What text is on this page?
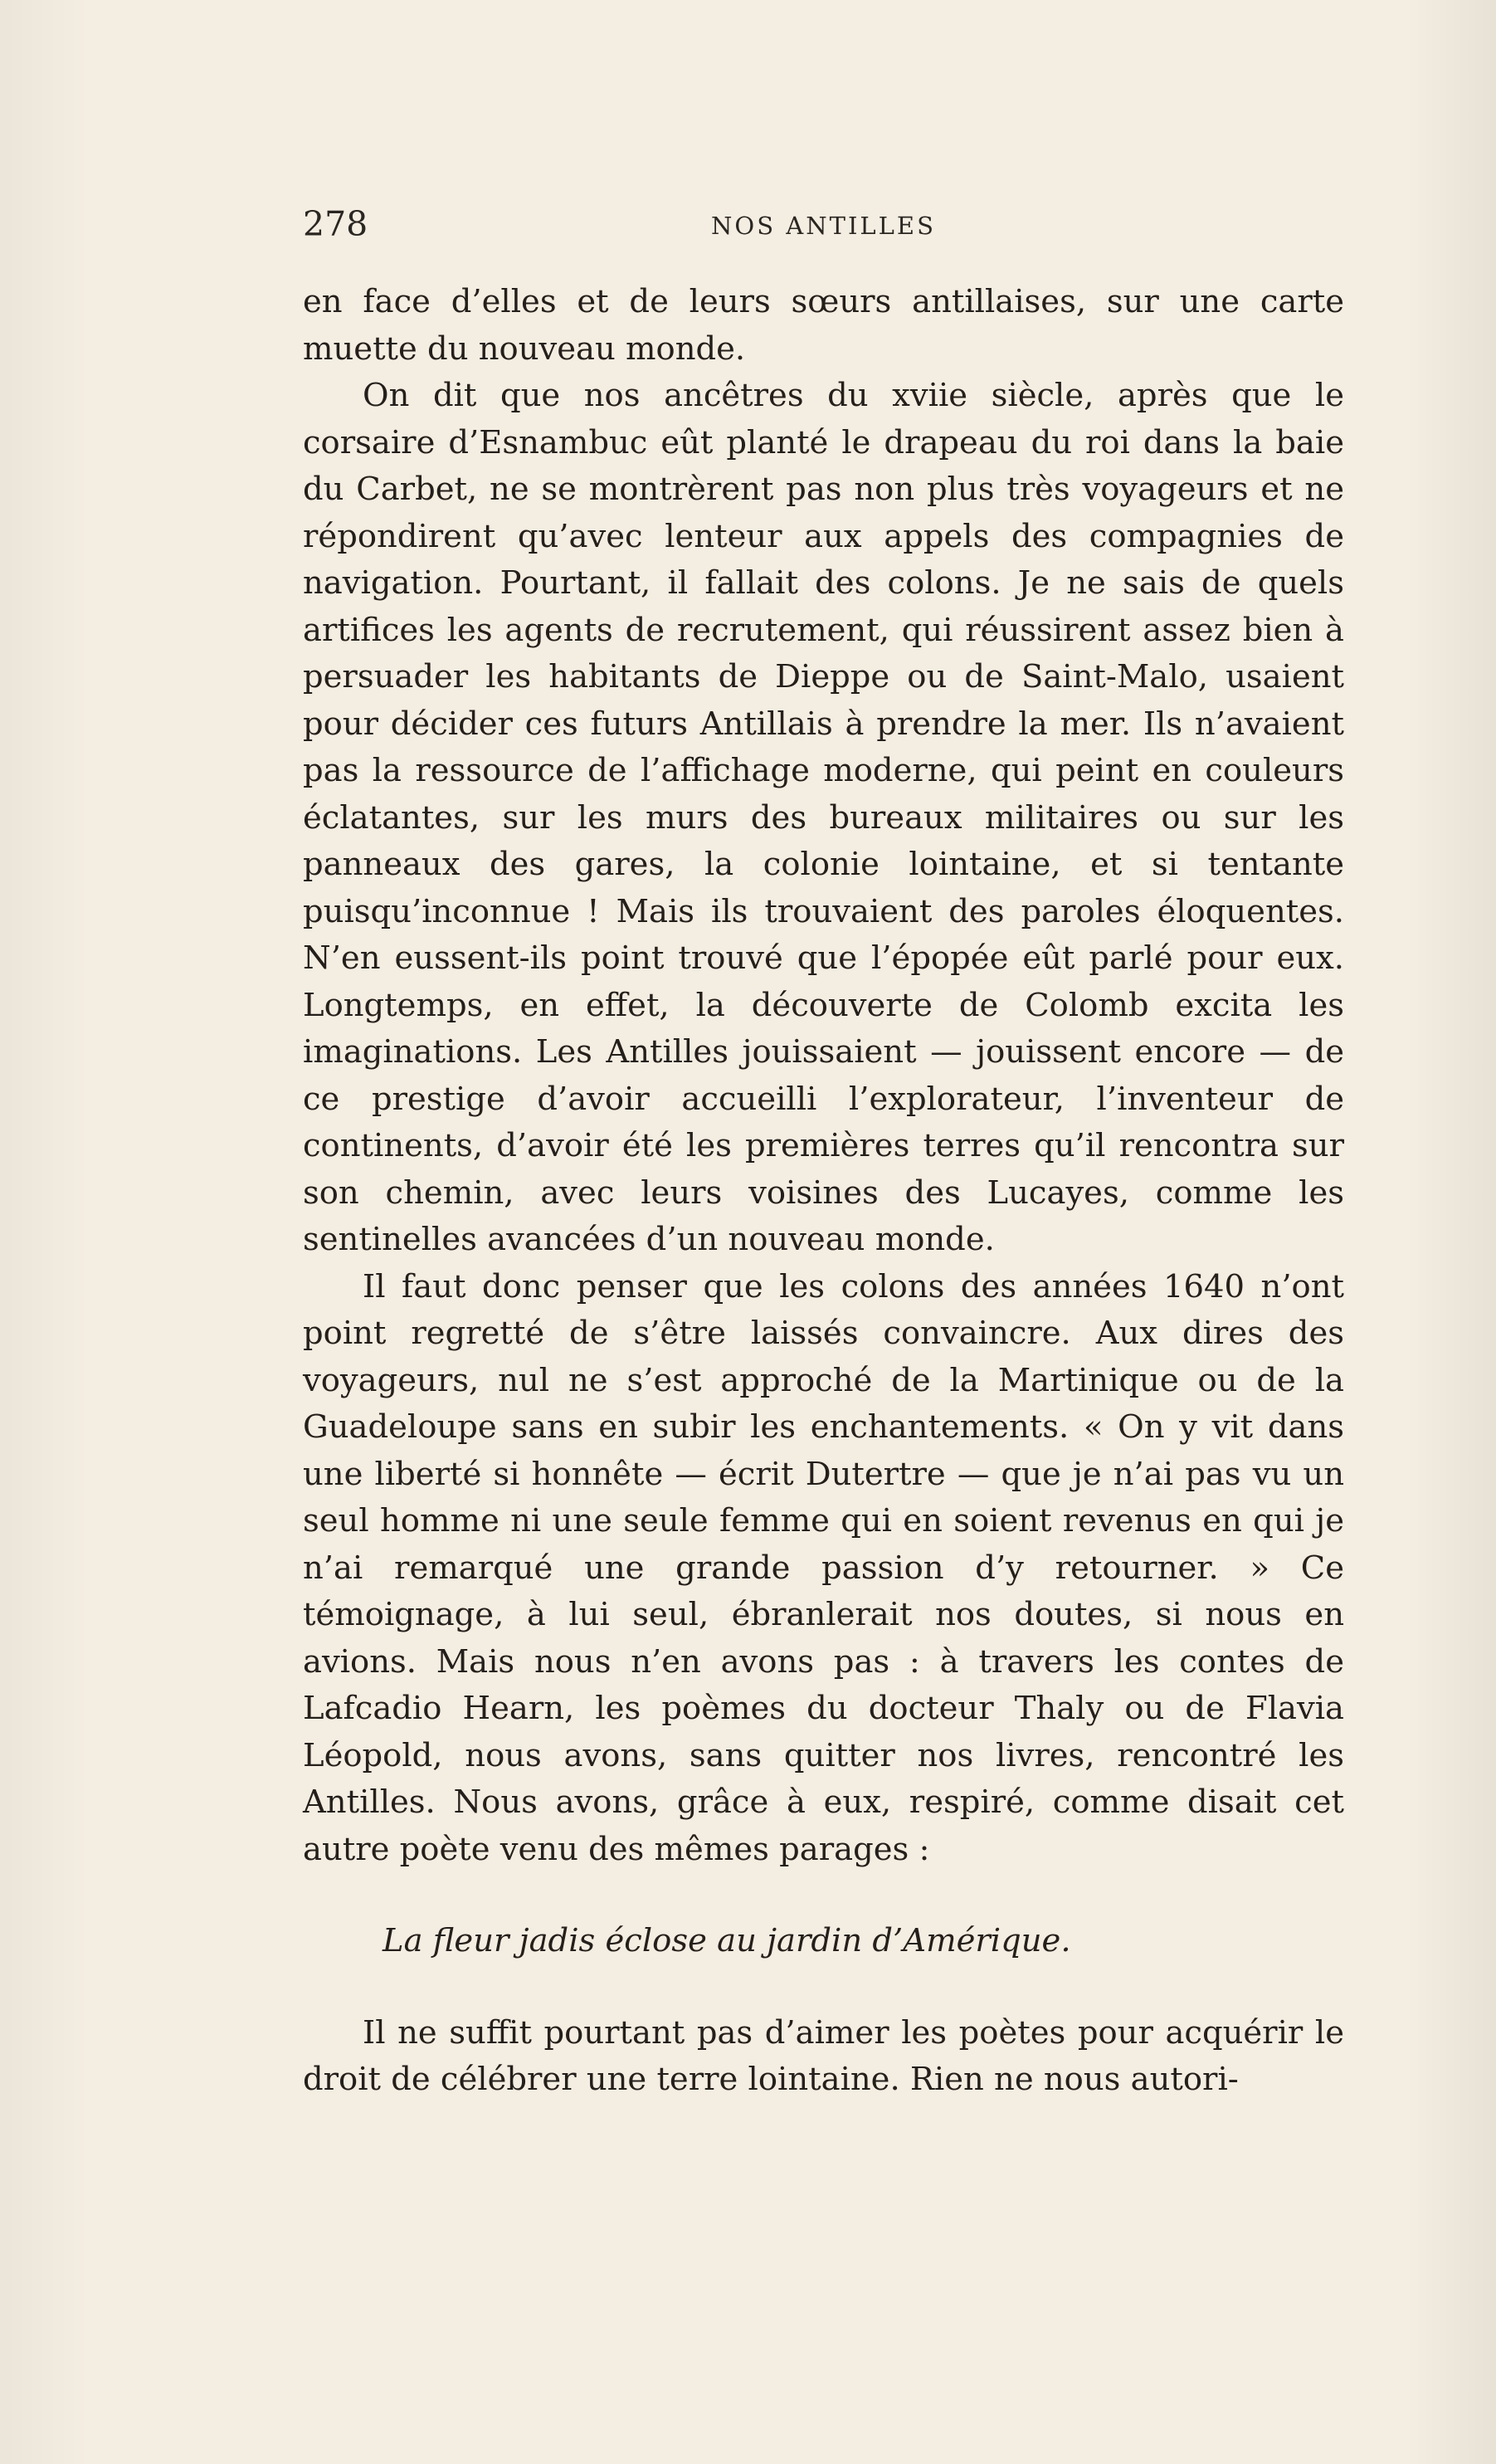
278	NOS ANTILLES

en face d’elles et de leurs sœurs antillaises, sur une carte muette du nouveau monde.

On dit que nos ancêtres du xviie siècle, après que le corsaire d’Esnambuc eût planté le drapeau du roi dans la baie du Carbet, ne se montrèrent pas non plus très voyageurs et ne répondirent qu’avec lenteur aux appels des compagnies de navigation. Pourtant, il fallait des colons. Je ne sais de quels artifices les agents de recrutement, qui réussirent assez bien à persuader les habitants de Dieppe ou de Saint-Malo, usaient pour décider ces futurs Antillais à prendre la mer. Ils n’avaient pas la ressource de l’affichage moderne, qui peint en couleurs éclatantes, sur les murs des bureaux militaires ou sur les panneaux des gares, la colonie lointaine, et si tentante puisqu’inconnue ! Mais ils trouvaient des paroles éloquentes. N’en eussent-ils point trouvé que l’épopée eût parlé pour eux. Longtemps, en effet, la découverte de Colomb excita les imaginations. Les Antilles jouissaient — jouissent encore — de ce prestige d’avoir accueilli l’explorateur, l’inventeur de continents, d’avoir été les premières terres qu’il rencontra sur son chemin, avec leurs voisines des Lucayes, comme les sentinelles avancées d’un nouveau monde.

Il faut donc penser que les colons des années 1640 n’ont point regretté de s’être laissés convaincre. Aux dires des voyageurs, nul ne s’est approché de la Martinique ou de la Guadeloupe sans en subir les enchantements. « On y vit dans une liberté si honnête — écrit Dutertre — que je n’ai pas vu un seul homme ni une seule femme qui en soient revenus en qui je n’ai remarqué une grande passion d’y retourner. » Ce témoignage, à lui seul, ébranlerait nos doutes, si nous en avions. Mais nous n’en avons pas : à travers les contes de Lafcadio Hearn, les poèmes du docteur Thaly ou de Flavia Léopold, nous avons, sans quitter nos livres, rencontré les Antilles. Nous avons, grâce à eux, respiré, comme disait cet autre poète venu des mêmes parages :

La fleur jadis éclose au jardin d’Amérique.

Il ne suffit pourtant pas d’aimer les poètes pour acquérir le droit de célébrer une terre lointaine. Rien ne nous autori-
